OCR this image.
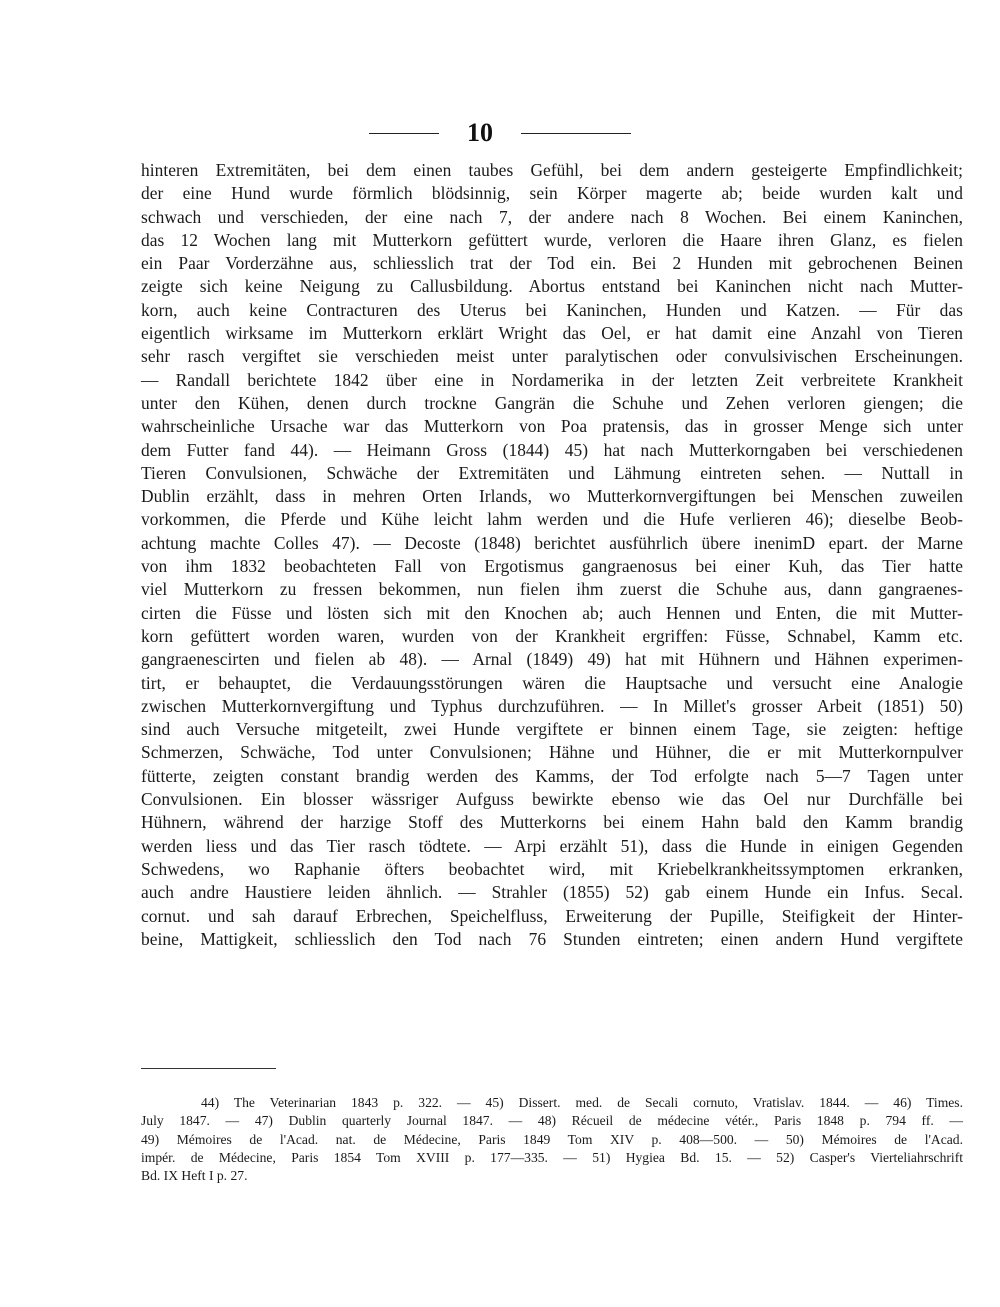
10
hinteren Extremitäten, bei dem einen taubes Gefühl, bei dem andern gesteigerte Empfindlichkeit;
der eine Hund wurde förmlich blödsinnig, sein Körper magerte ab; beide wurden kalt und
schwach und verschieden, der eine nach 7, der andere nach 8 Wochen. Bei einem Kaninchen,
das 12 Wochen lang mit Mutterkorn gefüttert wurde, verloren die Haare ihren Glanz, es fielen
ein Paar Vorderzähne aus, schliesslich trat der Tod ein. Bei 2 Hunden mit gebrochenen Beinen
zeigte sich keine Neigung zu Callusbildung. Abortus entstand bei Kaninchen nicht nach Mutter-
korn, auch keine Contracturen des Uterus bei Kaninchen, Hunden und Katzen. — Für das
eigentlich wirksame im Mutterkorn erklärt Wright das Oel, er hat damit eine Anzahl von Tieren
sehr rasch vergiftet sie verschieden meist unter paralytischen oder convulsivischen Erscheinungen.
— Randall berichtete 1842 über eine in Nordamerika in der letzten Zeit verbreitete Krankheit
unter den Kühen, denen durch trockne Gangrän die Schuhe und Zehen verloren giengen; die
wahrscheinliche Ursache war das Mutterkorn von Poa pratensis, das in grosser Menge sich unter
dem Futter fand 44). — Heimann Gross (1844) 45) hat nach Mutterkorngaben bei verschiedenen
Tieren Convulsionen, Schwäche der Extremitäten und Lähmung eintreten sehen. — Nuttall in
Dublin erzählt, dass in mehren Orten Irlands, wo Mutterkornvergiftungen bei Menschen zuweilen
vorkommen, die Pferde und Kühe leicht lahm werden und die Hufe verlieren 46); dieselbe Beob-
achtung machte Colles 47). — Decoste (1848) berichtet ausführlich übere inenimD epart. der Marne
von ihm 1832 beobachteten Fall von Ergotismus gangraenosus bei einer Kuh, das Tier hatte
viel Mutterkorn zu fressen bekommen, nun fielen ihm zuerst die Schuhe aus, dann gangraenes-
cirten die Füsse und lösten sich mit den Knochen ab; auch Hennen und Enten, die mit Mutter-
korn gefüttert worden waren, wurden von der Krankheit ergriffen: Füsse, Schnabel, Kamm etc.
gangraenescirten und fielen ab 48). — Arnal (1849) 49) hat mit Hühnern und Hähnen experimen-
tirt, er behauptet, die Verdauungsstörungen wären die Hauptsache und versucht eine Analogie
zwischen Mutterkornvergiftung und Typhus durchzuführen. — In Millet's grosser Arbeit (1851) 50)
sind auch Versuche mitgeteilt, zwei Hunde vergiftete er binnen einem Tage, sie zeigten: heftige
Schmerzen, Schwäche, Tod unter Convulsionen; Hähne und Hühner, die er mit Mutterkornpulver
fütterte, zeigten constant brandig werden des Kamms, der Tod erfolgte nach 5—7 Tagen unter
Convulsionen. Ein blosser wässriger Aufguss bewirkte ebenso wie das Oel nur Durchfälle bei
Hühnern, während der harzige Stoff des Mutterkorns bei einem Hahn bald den Kamm brandig
werden liess und das Tier rasch tödtete. — Arpi erzählt 51), dass die Hunde in einigen Gegenden
Schwedens, wo Raphanie öfters beobachtet wird, mit Kriebelkrankheitssymptomen erkranken,
auch andre Haustiere leiden ähnlich. — Strahler (1855) 52) gab einem Hunde ein Infus. Secal.
cornut. und sah darauf Erbrechen, Speichelfluss, Erweiterung der Pupille, Steifigkeit der Hinter-
beine, Mattigkeit, schliesslich den Tod nach 76 Stunden eintreten; einen andern Hund vergiftete
44) The Veterinarian 1843 p. 322. — 45) Dissert. med. de Secali cornuto, Vratislav. 1844. — 46) Times.
July 1847. — 47) Dublin quarterly Journal 1847. — 48) Récueil de médecine vétér., Paris 1848 p. 794 ff. —
49) Mémoires de l'Acad. nat. de Médecine, Paris 1849 Tom XIV p. 408—500. — 50) Mémoires de l'Acad.
impér. de Médecine, Paris 1854 Tom XVIII p. 177—335. — 51) Hygiea Bd. 15. — 52) Casper's Vierteliahrschrift
Bd. IX Heft I p. 27.
